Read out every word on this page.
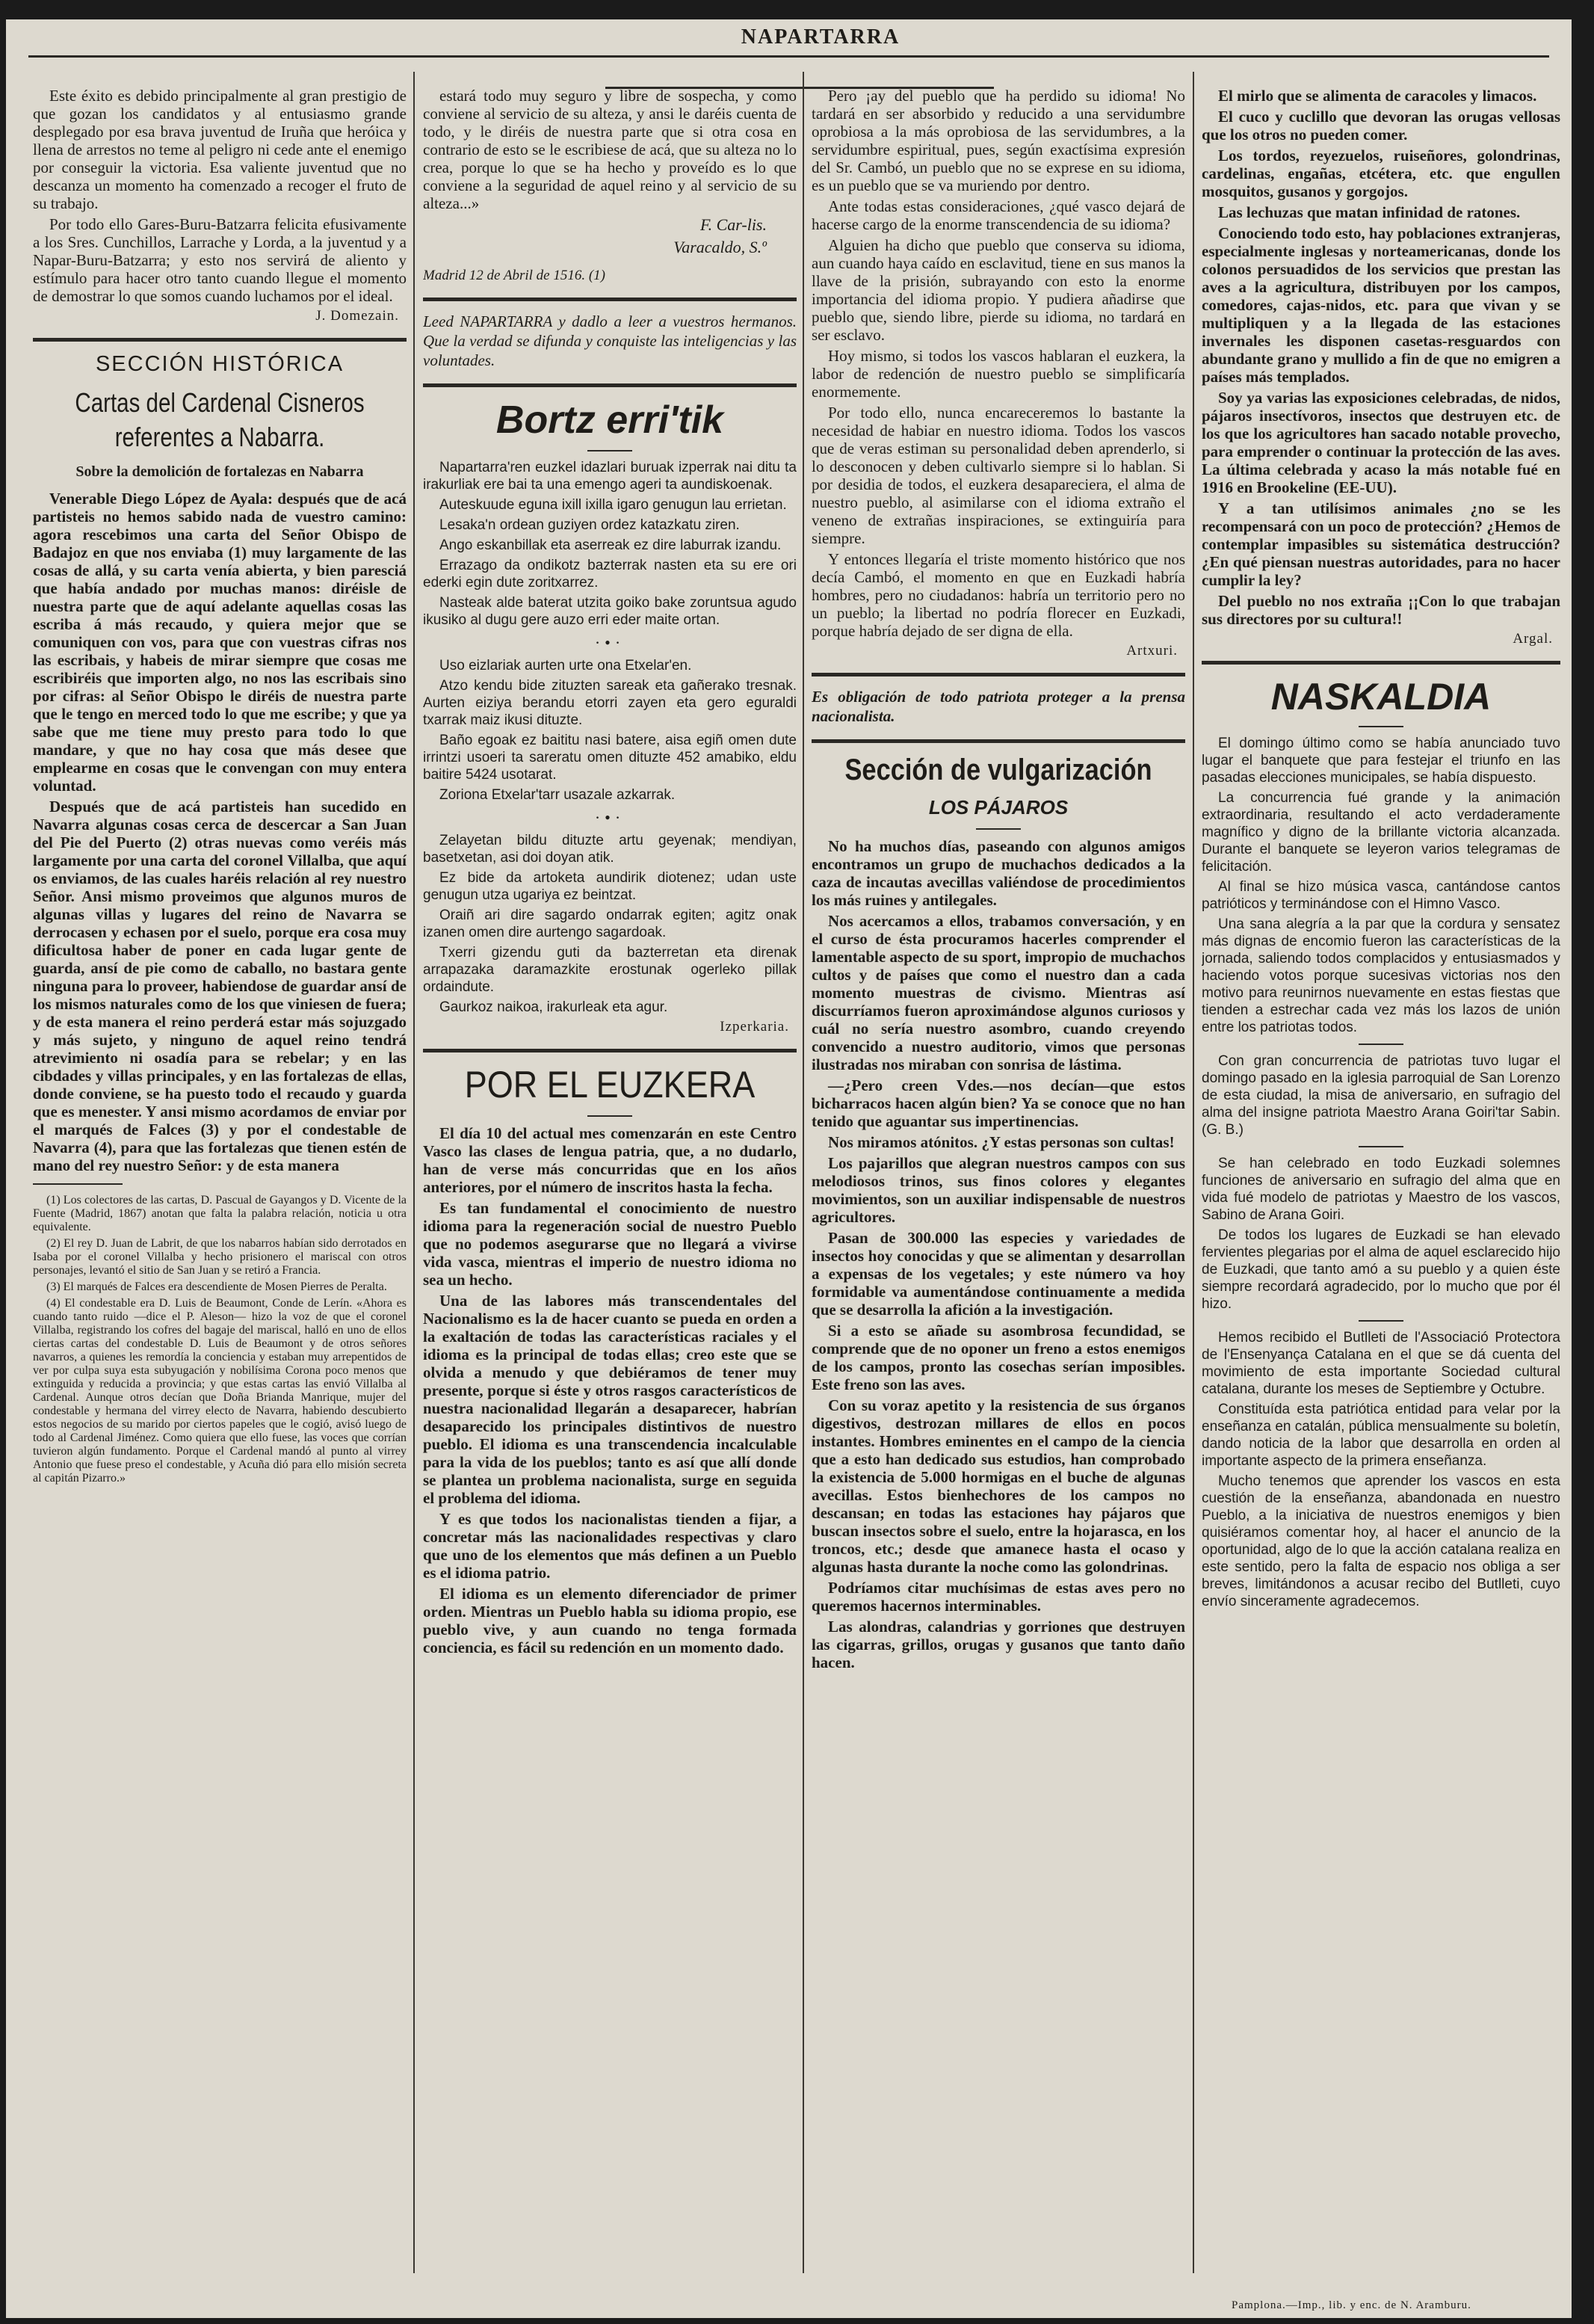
NAPARTARRA

Este éxito es debido principalmente al gran prestigio de que gozan los candidatos y al entusiasmo grande desplegado por esa brava juventud de Iruña que heróica y llena de arrestos no teme al peligro ni cede ante el enemigo por conseguir la victoria. Esa valiente juventud que no descanza un momento ha comenzado a recoger el fruto de su trabajo.

Por todo ello Gares-Buru-Batzarra felicita efusivamente a los Sres. Cunchillos, Larrache y Lorda, a la juventud y a Napar-Buru-Batzarra; y esto nos servirá de aliento y estímulo para hacer otro tanto cuando llegue el momento de demostrar lo que somos cuando luchamos por el ideal.

J. Domezain.
SECCIÓN HISTÓRICA
Cartas del Cardenal Cisneros referentes a Nabarra.
Sobre la demolición de fortalezas en Nabarra

Venerable Diego López de Ayala: después que de acá partisteis no hemos sabido nada de vuestro camino: agora rescebimos una carta del Señor Obispo de Badajoz en que nos enviaba (1) muy largamente de las cosas de allá, y su carta venía abierta, y bien paresciá que había andado por muchas manos: diréisle de nuestra parte que de aquí adelante aquellas cosas las escriba á más recaudo, y quiera mejor que se comuniquen con vos, para que con vuestras cifras nos las escribais, y habeis de mirar siempre que cosas me escribiréis que importen algo, no nos las escribais sino por cifras: al Señor Obispo le diréis de nuestra parte que le tengo en merced todo lo que me escribe; y que ya sabe que me tiene muy presto para todo lo que mandare, y que no hay cosa que más desee que emplearme en cosas que le convengan con muy entera voluntad.

Después que de acá partisteis han sucedido en Navarra algunas cosas cerca de descercar a San Juan del Pie del Puerto (2) otras nuevas como veréis más largamente por una carta del coronel Villalba, que aquí os enviamos, de las cuales haréis relación al rey nuestro Señor. Ansi mismo proveimos que algunos muros de algunas villas y lugares del reino de Navarra se derrocasen y echasen por el suelo, porque era cosa muy dificultosa haber de poner en cada lugar gente de guarda, ansí de pie como de caballo, no bastara gente ninguna para lo proveer, habiendose de guardar ansí de los mismos naturales como de los que viniesen de fuera; y de esta manera el reino perderá estar más sojuzgado y más sujeto, y ninguno de aquel reino tendrá atrevimiento ni osadía para se rebelar; y en las cibdades y villas principales, y en las fortalezas de ellas, donde conviene, se ha puesto todo el recaudo y guarda que es menester. Y ansi mismo acordamos de enviar por el marqués de Falces (3) y por el condestable de Navarra (4), para que las fortalezas que tienen estén de mano del rey nuestro Señor: y de esta manera

(1) Los colectores de las cartas, D. Pascual de Gayangos y D. Vicente de la Fuente (Madrid, 1867) anotan que falta la palabra relación, noticia u otra equivalente.

(2) El rey D. Juan de Labrit, de que los nabarros habían sido derrotados en Isaba por el coronel Villalba y hecho prisionero el mariscal con otros personajes, levantó el sitio de San Juan y se retiró a Francia.

(3) El marqués de Falces era descendiente de Mosen Pierres de Peralta.

(4) El condestable era D. Luis de Beaumont, Conde de Lerín. «Ahora es cuando tanto ruido —dice el P. Aleson— hizo la voz de que el coronel Villalba, registrando los cofres del bagaje del mariscal, halló en uno de ellos ciertas cartas del condestable D. Luis de Beaumont y de otros señores navarros, a quienes les remordía la conciencia y estaban muy arrepentidos de ver por culpa suya esta subyugación y nobilísima Corona poco menos que extinguida y reducida a provincia; y que estas cartas las envió Villalba al Cardenal. Aunque otros decían que Doña Brianda Manrique, mujer del condestable y hermana del virrey electo de Navarra, habiendo descubierto estos negocios de su marido por ciertos papeles que le cogió, avisó luego de todo al Cardenal Jiménez. Como quiera que ello fuese, las voces que corrían tuvieron algún fundamento. Porque el Cardenal mandó al punto al virrey Antonio que fuese preso el condestable, y Acuña dió para ello misión secreta al capitán Pizarro.»

estará todo muy seguro y libre de sospecha, y como conviene al servicio de su alteza, y ansi le daréis cuenta de todo, y le diréis de nuestra parte que si otra cosa en contrario de esto se le escribiese de acá, que su alteza no lo crea, porque lo que se ha hecho y proveído es lo que conviene a la seguridad de aquel reino y al servicio de su alteza...»

F. Car-lis.
Varacaldo, S.º
Madrid 12 de Abril de 1516. (1)
Leed NAPARTARRA y dadlo a leer a vuestros hermanos. Que la verdad se difunda y conquiste las inteligencias y las voluntades.
Bortz erri'tik

Napartarra'ren euzkel idazlari buruak izperrak nai ditu ta irakurliak ere bai ta una emengo ageri ta aundiskoenak.

Auteskuude eguna ixill ixilla igaro genugun lau errietan.

Lesaka'n ordean guziyen ordez katazkatu ziren.

Ango eskanbillak eta aserreak ez dire laburrak izandu.

Errazago da ondikotz bazterrak nasten eta su ere ori ederki egin dute zoritxarrez.

Nasteak alde baterat utzita goiko bake zoruntsua agudo ikusiko al dugu gere auzo erri eder maite ortan.

·•·

Uso eizlariak aurten urte ona Etxelar'en.

Atzo kendu bide zituzten sareak eta gañerako tresnak. Aurten eiziya berandu etorri zayen eta gero eguraldi txarrak maiz ikusi dituzte.

Baño egoak ez baititu nasi batere, aisa egiñ omen dute irrintzi usoeri ta sareratu omen dituzte 452 amabiko, eldu baitire 5424 usotarat.

Zoriona Etxelar'tarr usazale azkarrak.

·•·

Zelayetan bildu dituzte artu geyenak; mendiyan, basetxetan, asi doi doyan atik.

Ez bide da artoketa aundirik diotenez; udan uste genugun utza ugariya ez beintzat.

Oraiñ ari dire sagardo ondarrak egiten; agitz onak izanen omen dire aurtengo sagardoak.

Txerri gizendu guti da bazterretan eta direnak arrapazaka daramazkite erostunak ogerleko pillak ordaindute.

Gaurkoz naikoa, irakurleak eta agur.

Izperkaria.
POR EL EUZKERA

El día 10 del actual mes comenzarán en este Centro Vasco las clases de lengua patria, que, a no dudarlo, han de verse más concurridas que en los años anteriores, por el número de inscritos hasta la fecha.

Es tan fundamental el conocimiento de nuestro idioma para la regeneración social de nuestro Pueblo que no podemos asegurarse que no llegará a vivirse vida vasca, mientras el imperio de nuestro idioma no sea un hecho.

Una de las labores más transcendentales del Nacionalismo es la de hacer cuanto se pueda en orden a la exaltación de todas las características raciales y el idioma es la principal de todas ellas; creo este que se olvida a menudo y que debiéramos de tener muy presente, porque si éste y otros rasgos característicos de nuestra nacionalidad llegarán a desaparecer, habrían desaparecido los principales distintivos de nuestro pueblo. El idioma es una transcendencia incalculable para la vida de los pueblos; tanto es así que allí donde se plantea un problema nacionalista, surge en seguida el problema del idioma.

Y es que todos los nacionalistas tienden a fijar, a concretar más las nacionalidades respectivas y claro que uno de los elementos que más definen a un Pueblo es el idioma patrio.

El idioma es un elemento diferenciador de primer orden. Mientras un Pueblo habla su idioma propio, ese pueblo vive, y aun cuando no tenga formada conciencia, es fácil su redención en un momento dado.

Pero ¡ay del pueblo que ha perdido su idioma! No tardará en ser absorbido y reducido a una servidumbre oprobiosa a la más oprobiosa de las servidumbres, a la servidumbre espiritual, pues, según exactísima expresión del Sr. Cambó, un pueblo que no se exprese en su idioma, es un pueblo que se va muriendo por dentro.

Ante todas estas consideraciones, ¿qué vasco dejará de hacerse cargo de la enorme transcendencia de su idioma?

Alguien ha dicho que pueblo que conserva su idioma, aun cuando haya caído en esclavitud, tiene en sus manos la llave de la prisión, subrayando con esto la enorme importancia del idioma propio. Y pudiera añadirse que pueblo que, siendo libre, pierde su idioma, no tardará en ser esclavo.

Hoy mismo, si todos los vascos hablaran el euzkera, la labor de redención de nuestro pueblo se simplificaría enormemente.

Por todo ello, nunca encareceremos lo bastante la necesidad de habiar en nuestro idioma. Todos los vascos que de veras estiman su personalidad deben aprenderlo, si lo desconocen y deben cultivarlo siempre si lo hablan. Si por desidia de todos, el euzkera desapareciera, el alma de nuestro pueblo, al asimilarse con el idioma extraño el veneno de extrañas inspiraciones, se extinguiría para siempre.

Y entonces llegaría el triste momento histórico que nos decía Cambó, el momento en que en Euzkadi habría hombres, pero no ciudadanos: habría un territorio pero no un pueblo; la libertad no podría florecer en Euzkadi, porque habría dejado de ser digna de ella.

Artxuri.
Es obligación de todo patriota proteger a la prensa nacionalista.
Sección de vulgarización
LOS PÁJAROS

No ha muchos días, paseando con algunos amigos encontramos un grupo de muchachos dedicados a la caza de incautas avecillas valiéndose de procedimientos los más ruines y antilegales.

Nos acercamos a ellos, trabamos conversación, y en el curso de ésta procuramos hacerles comprender el lamentable aspecto de su sport, impropio de muchachos cultos y de países que como el nuestro dan a cada momento muestras de civismo. Mientras así discurríamos fueron aproximándose algunos curiosos y cuál no sería nuestro asombro, cuando creyendo convencido a nuestro auditorio, vimos que personas ilustradas nos miraban con sonrisa de lástima.

—¿Pero creen Vdes.—nos decían—que estos bicharracos hacen algún bien? Ya se conoce que no han tenido que aguantar sus impertinencias.

Nos miramos atónitos. ¿Y estas personas son cultas!

Los pajarillos que alegran nuestros campos con sus melodiosos trinos, sus finos colores y elegantes movimientos, son un auxiliar indispensable de nuestros agricultores.

Pasan de 300.000 las especies y variedades de insectos hoy conocidas y que se alimentan y desarrollan a expensas de los vegetales; y este número va hoy formidable va aumentándose continuamente a medida que se desarrolla la afición a la investigación.

Si a esto se añade su asombrosa fecundidad, se comprende que de no oponer un freno a estos enemigos de los campos, pronto las cosechas serían imposibles. Este freno son las aves.

Con su voraz apetito y la resistencia de sus órganos digestivos, destrozan millares de ellos en pocos instantes. Hombres eminentes en el campo de la ciencia que a esto han dedicado sus estudios, han comprobado la existencia de 5.000 hormigas en el buche de algunas avecillas. Estos bienhechores de los campos no descansan; en todas las estaciones hay pájaros que buscan insectos sobre el suelo, entre la hojarasca, en los troncos, etc.; desde que amanece hasta el ocaso y algunas hasta durante la noche como las golondrinas.

Podríamos citar muchísimas de estas aves pero no queremos hacernos interminables.

Las alondras, calandrias y gorriones que destruyen las cigarras, grillos, orugas y gusanos que tanto daño hacen.

El mirlo que se alimenta de caracoles y limacos.

El cuco y cuclillo que devoran las orugas vellosas que los otros no pueden comer.

Los tordos, reyezuelos, ruiseñores, golondrinas, cardelinas, engañas, etcétera, etc. que engullen mosquitos, gusanos y gorgojos.

Las lechuzas que matan infinidad de ratones.

Conociendo todo esto, hay poblaciones extranjeras, especialmente inglesas y norteamericanas, donde los colonos persuadidos de los servicios que prestan las aves a la agricultura, distribuyen por los campos, comedores, cajas-nidos, etc. para que vivan y se multipliquen y a la llegada de las estaciones invernales les disponen casetas-resguardos con abundante grano y mullido a fin de que no emigren a países más templados.

Soy ya varias las exposiciones celebradas, de nidos, pájaros insectívoros, insectos que destruyen etc. de los que los agricultores han sacado notable provecho, para emprender o continuar la protección de las aves. La última celebrada y acaso la más notable fué en 1916 en Brookeline (EE-UU).

Y a tan utilísimos animales ¿no se les recompensará con un poco de protección? ¿Hemos de contemplar impasibles su sistemática destrucción? ¿En qué piensan nuestras autoridades, para no hacer cumplir la ley?

Del pueblo no nos extraña ¡¡Con lo que trabajan sus directores por su cultura!!

Argal.
NASKALDIA

El domingo último como se había anunciado tuvo lugar el banquete que para festejar el triunfo en las pasadas elecciones municipales, se había dispuesto.

La concurrencia fué grande y la animación extraordinaria, resultando el acto verdaderamente magnífico y digno de la brillante victoria alcanzada. Durante el banquete se leyeron varios telegramas de felicitación.

Al final se hizo música vasca, cantándose cantos patrióticos y terminándose con el Himno Vasco.

Una sana alegría a la par que la cordura y sensatez más dignas de encomio fueron las características de la jornada, saliendo todos complacidos y entusiasmados y haciendo votos porque sucesivas victorias nos den motivo para reunirnos nuevamente en estas fiestas que tienden a estrechar cada vez más los lazos de unión entre los patriotas todos.

Con gran concurrencia de patriotas tuvo lugar el domingo pasado en la iglesia parroquial de San Lorenzo de esta ciudad, la misa de aniversario, en sufragio del alma del insigne patriota Maestro Arana Goiri'tar Sabin. (G. B.)

Se han celebrado en todo Euzkadi solemnes funciones de aniversario en sufragio del alma que en vida fué modelo de patriotas y Maestro de los vascos, Sabino de Arana Goiri.

De todos los lugares de Euzkadi se han elevado fervientes plegarias por el alma de aquel esclarecido hijo de Euzkadi, que tanto amó a su pueblo y a quien éste siempre recordará agradecido, por lo mucho que por él hizo.

Hemos recibido el Butlleti de l'Associació Protectora de l'Ensenyança Catalana en el que se dá cuenta del movimiento de esta importante Sociedad cultural catalana, durante los meses de Septiembre y Octubre.

Constituída esta patriótica entidad para velar por la enseñanza en catalán, pública mensualmente su boletín, dando noticia de la labor que desarrolla en orden al importante aspecto de la primera enseñanza.

Mucho tenemos que aprender los vascos en esta cuestión de la enseñanza, abandonada en nuestro Pueblo, a la iniciativa de nuestros enemigos y bien quisiéramos comentar hoy, al hacer el anuncio de la oportunidad, algo de lo que la acción catalana realiza en este sentido, pero la falta de espacio nos obliga a ser breves, limitándonos a acusar recibo del Butlleti, cuyo envío sinceramente agradecemos.

Pamplona.—Imp., lib. y enc. de N. Aramburu.
